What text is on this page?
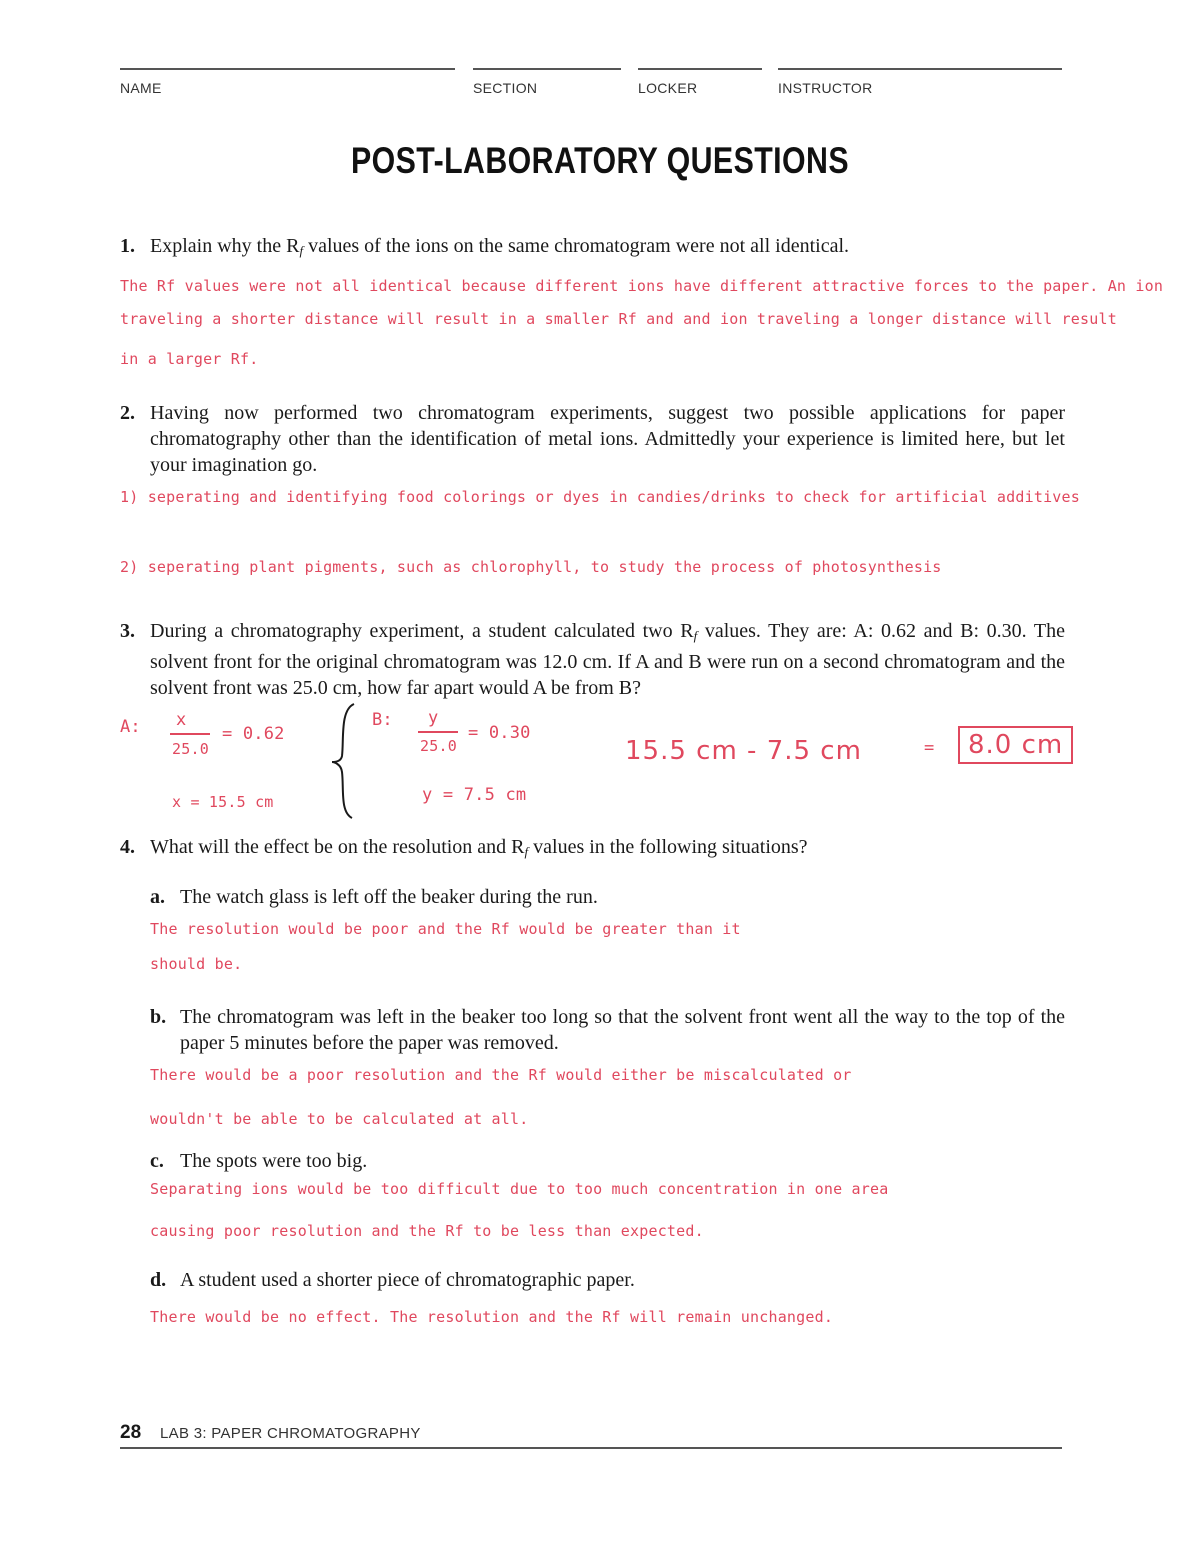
NAME	SECTION	LOCKER	INSTRUCTOR
POST-LABORATORY QUESTIONS
1. Explain why the Rf values of the ions on the same chromatogram were not all identical.
The Rf values were not all identical because different ions have different attractive forces to the paper. An ion
traveling a shorter distance will result in a smaller Rf and and ion traveling a longer distance will result
in a larger Rf.
2. Having now performed two chromatogram experiments, suggest two possible applications for paper chromatography other than the identification of metal ions. Admittedly your experience is limited here, but let your imagination go.
1) seperating and identifying food colorings or dyes in candies/drinks to check for artificial additives
2) seperating plant pigments, such as chlorophyll, to study the process of photosynthesis
3. During a chromatography experiment, a student calculated two Rf values. They are: A: 0.62 and B: 0.30. The solvent front for the original chromatogram was 12.0 cm. If A and B were run on a second chromatogram and the solvent front was 25.0 cm, how far apart would A be from B?
A: x
25.0
= 0.62
x = 15.5 cm
B: y
25.0
= 0.30
y = 7.5 cm
15.5 cm - 7.5 cm	=	8.0 cm
4. What will the effect be on the resolution and Rf values in the following situations?
a. The watch glass is left off the beaker during the run.
The resolution would be poor and the Rf would be greater than it
should be.
b. The chromatogram was left in the beaker too long so that the solvent front went all the way to the top of the paper 5 minutes before the paper was removed.
There would be a poor resolution and the Rf would either be miscalculated or
wouldn't be able to be calculated at all.
c. The spots were too big.
Separating ions would be too difficult due to too much concentration in one area
causing poor resolution and the Rf to be less than expected.
d. A student used a shorter piece of chromatographic paper.
There would be no effect. The resolution and the Rf will remain unchanged.
28 LAB 3: PAPER CHROMATOGRAPHY
